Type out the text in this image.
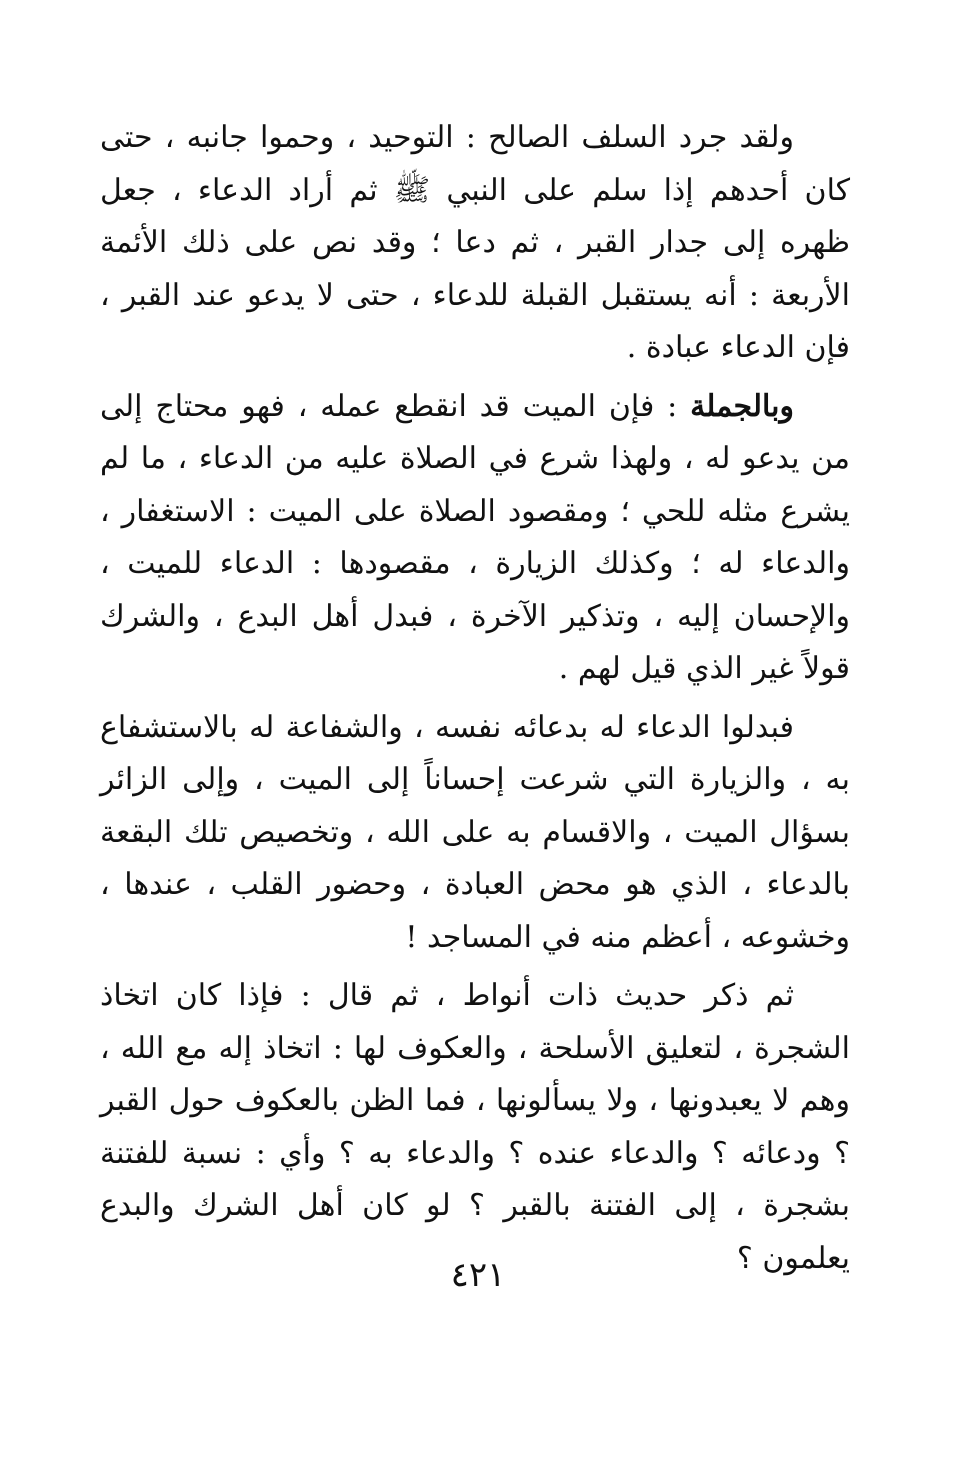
ولقد جرد السلف الصالح : التوحيد ، وحموا جانبه ، حتى كان أحدهم إذا سلم على النبي ﷺ ثم أراد الدعاء ، جعل ظهره إلى جدار القبر ، ثم دعا ؛ وقد نص على ذلك الأئمة الأربعة : أنه يستقبل القبلة للدعاء ، حتى لا يدعو عند القبر ، فإن الدعاء عبادة .

وبالجملة : فإن الميت قد انقطع عمله ، فهو محتاج إلى من يدعو له ، ولهذا شرع في الصلاة عليه من الدعاء ، ما لم يشرع مثله للحي ؛ ومقصود الصلاة على الميت : الاستغفار ، والدعاء له ؛ وكذلك الزيارة ، مقصودها : الدعاء للميت ، والإحسان إليه ، وتذكير الآخرة ، فبدل أهل البدع ، والشرك قولاً غير الذي قيل لهم .

فبدلوا الدعاء له بدعائه نفسه ، والشفاعة له بالاستشفاع به ، والزيارة التي شرعت إحساناً إلى الميت ، وإلى الزائر بسؤال الميت ، والاقسام به على الله ، وتخصيص تلك البقعة بالدعاء ، الذي هو محض العبادة ، وحضور القلب ، عندها ، وخشوعه ، أعظم منه في المساجد !

ثم ذكر حديث ذات أنواط ، ثم قال : فإذا كان اتخاذ الشجرة ، لتعليق الأسلحة ، والعكوف لها : اتخاذ إله مع الله ، وهم لا يعبدونها ، ولا يسألونها ، فما الظن بالعكوف حول القبر ؟ ودعائه ؟ والدعاء عنده ؟ والدعاء به ؟ وأي : نسبة للفتنة بشجرة ، إلى الفتنة بالقبر ؟ لو كان أهل الشرك والبدع يعلمون ؟

٤٢١
